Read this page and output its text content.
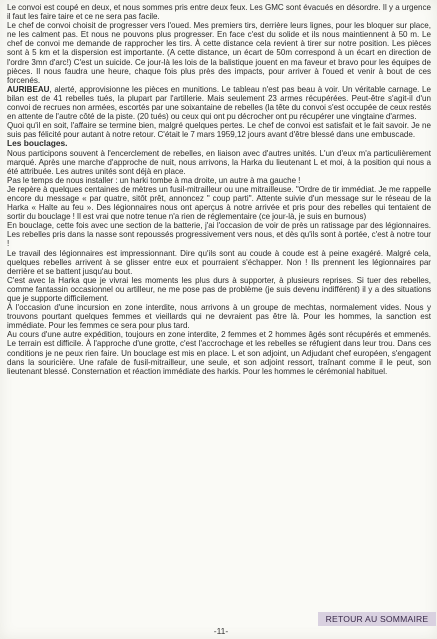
Le convoi est coupé en deux, et nous sommes pris entre deux feux. Les GMC sont évacués en désordre. Il y a urgence il faut les faire taire et ce ne sera pas facile.

Le chef de convoi choisit de progresser vers l'oued. Mes premiers tirs, derrière leurs lignes, pour les bloquer sur place, ne les calment pas. Et nous ne pouvons plus progresser. En face c'est du solide et ils nous maintiennent à 50 m. Le chef de convoi me demande de rapprocher les tirs. À cette distance cela revient à tirer sur notre position. Les pièces sont à 5 km et la dispersion est importante. (A cette distance, un écart de 50m correspond à un écart en direction de l'ordre 3mn d'arc!) C'est un suicide. Ce jour-là les lois de la balistique jouent en ma faveur et bravo pour les équipes de pièces. Il nous faudra une heure, chaque fois plus près des impacts, pour arriver à l'oued et venir à bout de ces forcenés.

AURIBEAU, alerté, approvisionne les pièces en munitions. Le tableau n'est pas beau à voir. Un véritable carnage. Le bilan est de 41 rebelles tués, la plupart par l'artillerie. Mais seulement 23 armes récupérées. Peut-être s'agit-il d'un convoi de recrues non armées, escortés par une soixantaine de rebelles (la tête du convoi s'est occupée de ceux restés en attente de l'autre côté de la piste. (20 tués) ou ceux qui ont pu décrocher ont pu récupérer une vingtaine d'armes.

Quoi qu'il en soit, l'affaire se termine bien, malgré quelques pertes. Le chef de convoi est satisfait et le fait savoir. Je ne suis pas félicité pour autant à notre retour. C'était le 7 mars 1959,12 jours avant d'être blessé dans une embuscade.

Les bouclages.

Nous participons souvent à l'encerclement de rebelles, en liaison avec d'autres unités. L'un d'eux m'a particulièrement marqué. Après une marche d'approche de nuit, nous arrivons, la Harka du lieutenant L et moi, à la position qui nous a été attribuée. Les autres unités sont déjà en place.

Pas le temps de nous installer : un harki tombe à ma droite, un autre à ma gauche !

Je repère à quelques centaines de mètres un fusil-mitrailleur ou une mitrailleuse. "Ordre de tir immédiat. Je me rappelle encore du message « par quatre, sitôt prêt, annoncez " coup parti". Attente suivie d'un message sur le réseau de la Harka « Halte au feu ». Des légionnaires nous ont aperçus à notre arrivée et pris pour des rebelles qui tentaient de sortir du bouclage ! Il est vrai que notre tenue n'a rien de réglementaire (ce jour-là, je suis en burnous)

En bouclage, cette fois avec une section de la batterie, j'ai l'occasion de voir de près un ratissage par des légionnaires. Les rebelles pris dans la nasse sont repoussés progressivement vers nous, et dès qu'ils sont à portée, c'est à notre tour !

Le travail des légionnaires est impressionnant. Dire qu'ils sont au coude à coude est à peine exagéré. Malgré cela, quelques rebelles arrivent à se glisser entre eux et pourraient s'échapper. Non ! Ils prennent les légionnaires par derrière et se battent jusqu'au bout.

C'est avec la Harka que je vivrai les moments les plus durs à supporter, à plusieurs reprises. Si tuer des rebelles, comme fantassin occasionnel ou artilleur, ne me pose pas de problème (je suis devenu indifférent) il y a des situations que je supporte difficilement.

À l'occasion d'une incursion en zone interdite, nous arrivons à un groupe de mechtas, normalement vides. Nous y trouvons pourtant quelques femmes et vieillards qui ne devraient pas être là. Pour les hommes, la sanction est immédiate. Pour les femmes ce sera pour plus tard.

Au cours d'une autre expédition, toujours en zone interdite, 2 femmes et 2 hommes âgés sont récupérés et emmenés. Le terrain est difficile. À l'approche d'une grotte, c'est l'accrochage et les rebelles se réfugient dans leur trou. Dans ces conditions je ne peux rien faire. Un bouclage est mis en place. L et son adjoint, un Adjudant chef européen, s'engagent dans la souricière. Une rafale de fusil-mitrailleur, une seule, et son adjoint ressort, traînant comme il le peut, son lieutenant blessé. Consternation et réaction immédiate des harkis. Pour les hommes le cérémonial habituel.

RETOUR AU SOMMAIRE
-11-
